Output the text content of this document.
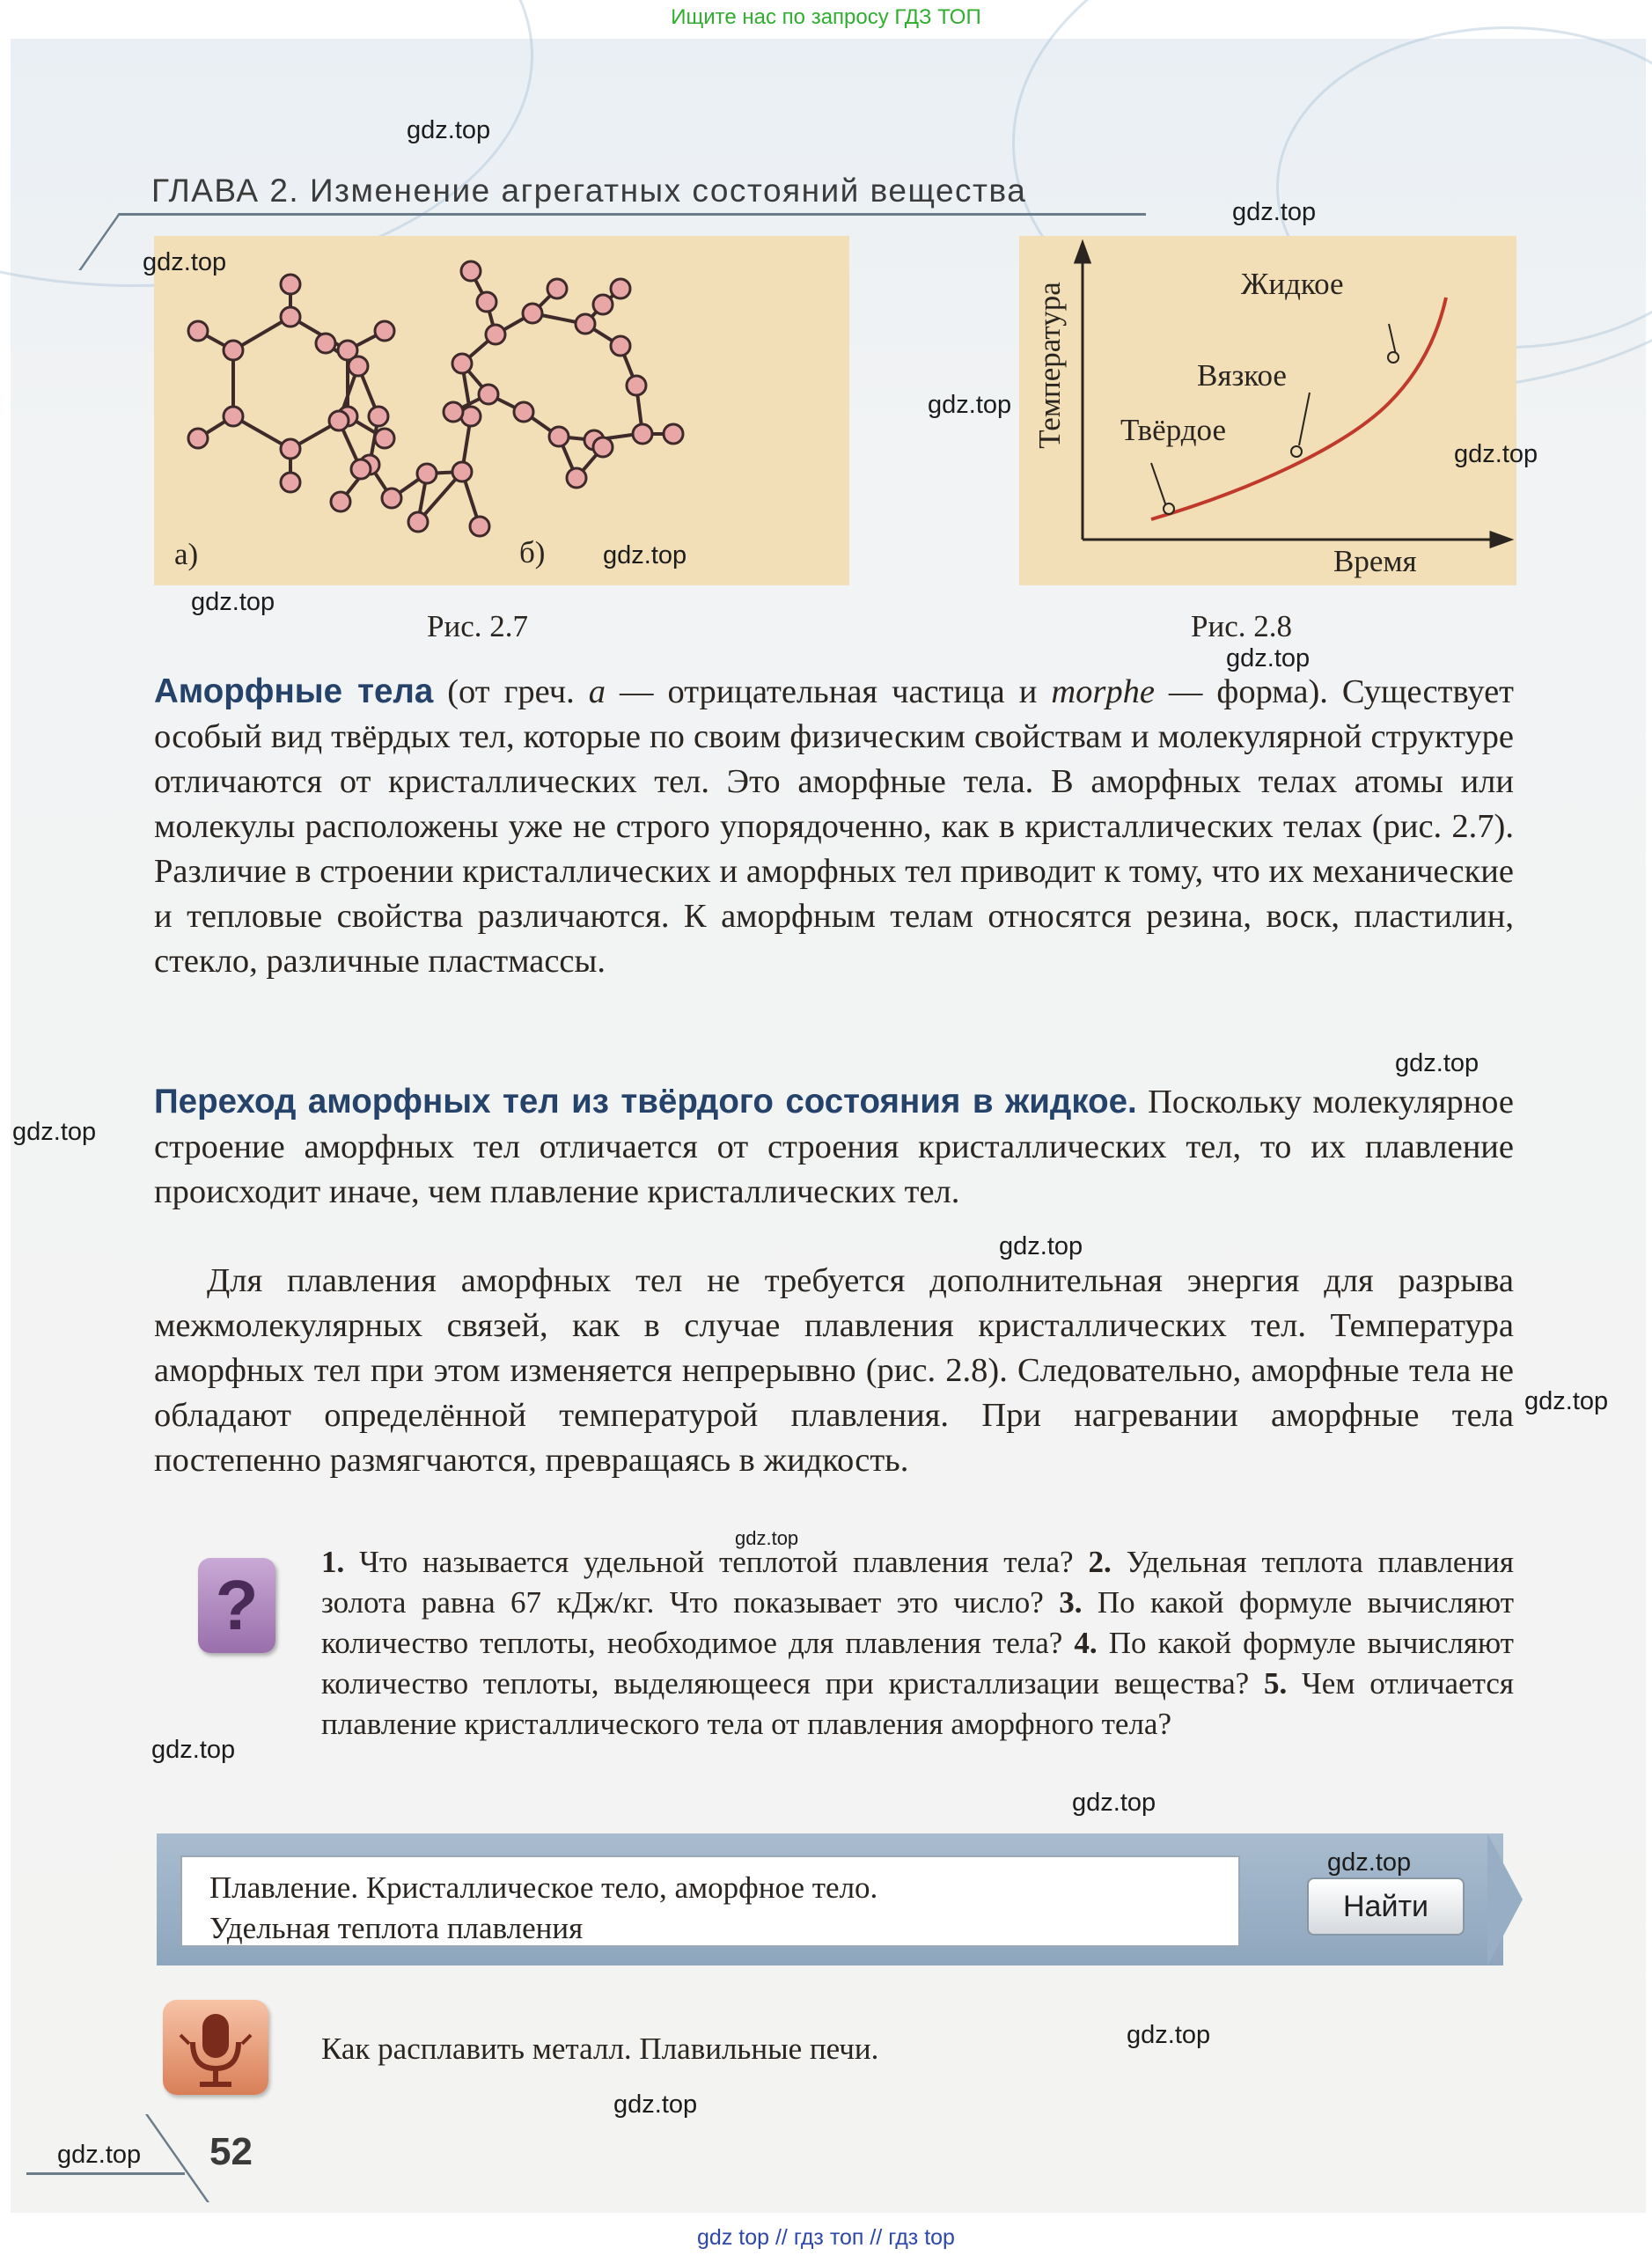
Ищите нас по запросу ГДЗ ТОП
ГЛАВА 2. Изменение агрегатных состояний вещества
а)	б)
Рис. 2.7
Температура
Время
Жидкое
Вязкое
Твёрдое
Рис. 2.8
Аморфные тела (от греч. a — отрицательная частица и morphe — форма). Существует особый вид твёрдых тел, которые по своим физическим свойствам и молекулярной структуре отличаются от кристаллических тел. Это аморфные тела. В аморфных телах атомы или молекулы расположены уже не строго упорядоченно, как в кристаллических телах (рис. 2.7). Различие в строении кристаллических и аморфных тел приводит к тому, что их механические и тепловые свойства различаются. К аморфным телам относятся резина, воск, пластилин, стекло, различные пластмассы.
Переход аморфных тел из твёрдого состояния в жидкое. Поскольку молекулярное строение аморфных тел отличается от строения кристаллических тел, то их плавление происходит иначе, чем плавление кристаллических тел.
Для плавления аморфных тел не требуется дополнительная энергия для разрыва межмолекулярных связей, как в случае плавления кристаллических тел. Температура аморфных тел при этом изменяется непрерывно (рис. 2.8). Следовательно, аморфные тела не обладают определённой температурой плавления. При нагревании аморфные тела постепенно размягчаются, превращаясь в жидкость.
?
1. Что называется удельной теплотой плавления тела? 2. Удельная теплота плавления золота равна 67 кДж/кг. Что показывает это число? 3. По какой формуле вычисляют количество теплоты, необходимое для плавления тела? 4. По какой формуле вычисляют количество теплоты, выделяющееся при кристаллизации вещества? 5. Чем отличается плавление кристаллического тела от плавления аморфного тела?
Плавление. Кристаллическое тело, аморфное тело.
Удельная теплота плавления
Найти
Как расплавить металл. Плавильные печи.
52
gdz.top
gdz.top
gdz.top
gdz.top
gdz.top
gdz.top
gdz.top
gdz.top
gdz.top
gdz.top
gdz.top
gdz.top
gdz.top
gdz.top
gdz.top
gdz.top
gdz.top
gdz.top
gdz.top
gdz top // гдз топ // гдз top
